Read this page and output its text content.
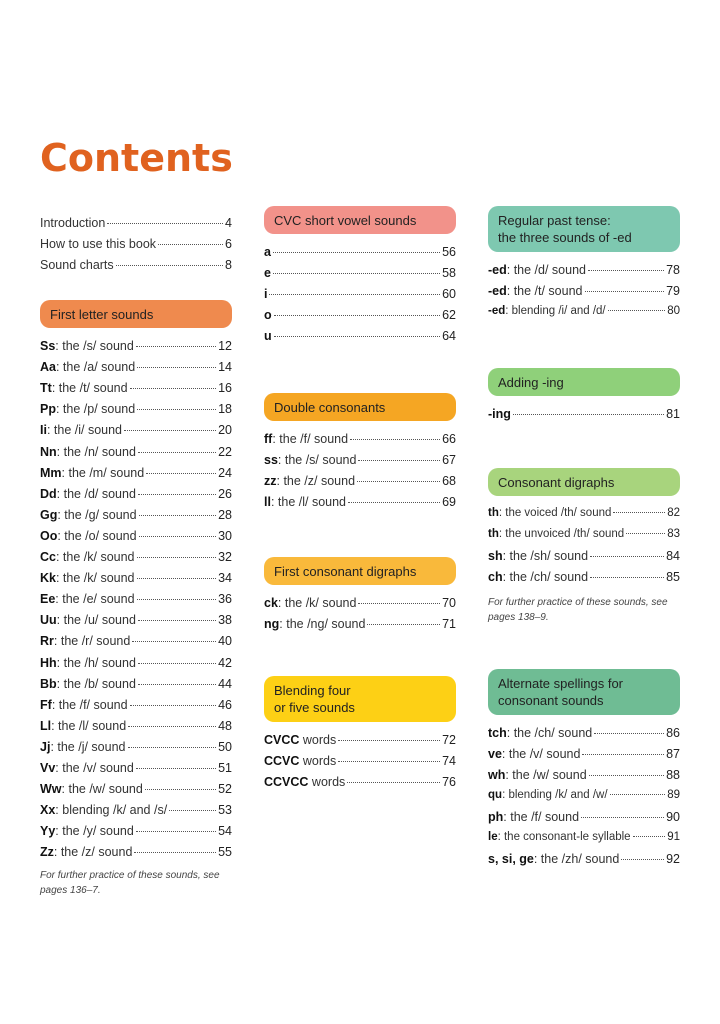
Contents
First letter sounds
For further practice of these sounds, see pages 136–7.
Introduction	4
How to use this book	6
Sound charts	8
Ss: the /s/ sound	12
Aa: the /a/ sound	14
Tt: the /t/ sound	16
Pp: the /p/ sound	18
Ii: the /i/ sound	20
Nn: the /n/ sound	22
Mm: the /m/ sound	24
Dd: the /d/ sound	26
Gg: the /g/ sound	28
Oo: the /o/ sound	30
Cc: the /k/ sound	32
Kk: the /k/ sound	34
Ee: the /e/ sound	36
Uu: the /u/ sound	38
Rr: the /r/ sound	40
Hh: the /h/ sound	42
Bb: the /b/ sound	44
Ff: the /f/ sound	46
Ll: the /l/ sound	48
Jj: the /j/ sound	50
Vv: the /v/ sound	51
Ww: the /w/ sound	52
Xx: blending /k/ and /s/	53
Yy: the /y/ sound	54
Zz: the /z/ sound	55
CVC short vowel sounds
a	56
e	58
i	60
o	62
u	64
Double consonants
ff: the /f/ sound	66
ss: the /s/ sound	67
zz: the /z/ sound	68
ll: the /l/ sound	69
First consonant digraphs
ck: the /k/ sound	70
ng: the /ng/ sound	71
Blending four
or five sounds
CVCC words	72
CCVC words	74
CCVCC words	76
Regular past tense:
the three sounds of -ed
-ed: the /d/ sound	78
-ed: the /t/ sound	79
-ed: blending /i/ and /d/	80
Adding -ing
-ing	81
Consonant digraphs
th: the voiced /th/ sound	82
th: the unvoiced /th/ sound	83
sh: the /sh/ sound	84
ch: the /ch/ sound	85
For further practice of these sounds, see pages 138–9.
Alternate spellings for
consonant sounds
tch: the /ch/ sound	86
ve: the /v/ sound	87
wh: the /w/ sound	88
qu: blending /k/ and /w/	89
ph: the /f/ sound	90
le: the consonant-le syllable	91
s, si, ge: the /zh/ sound	92
